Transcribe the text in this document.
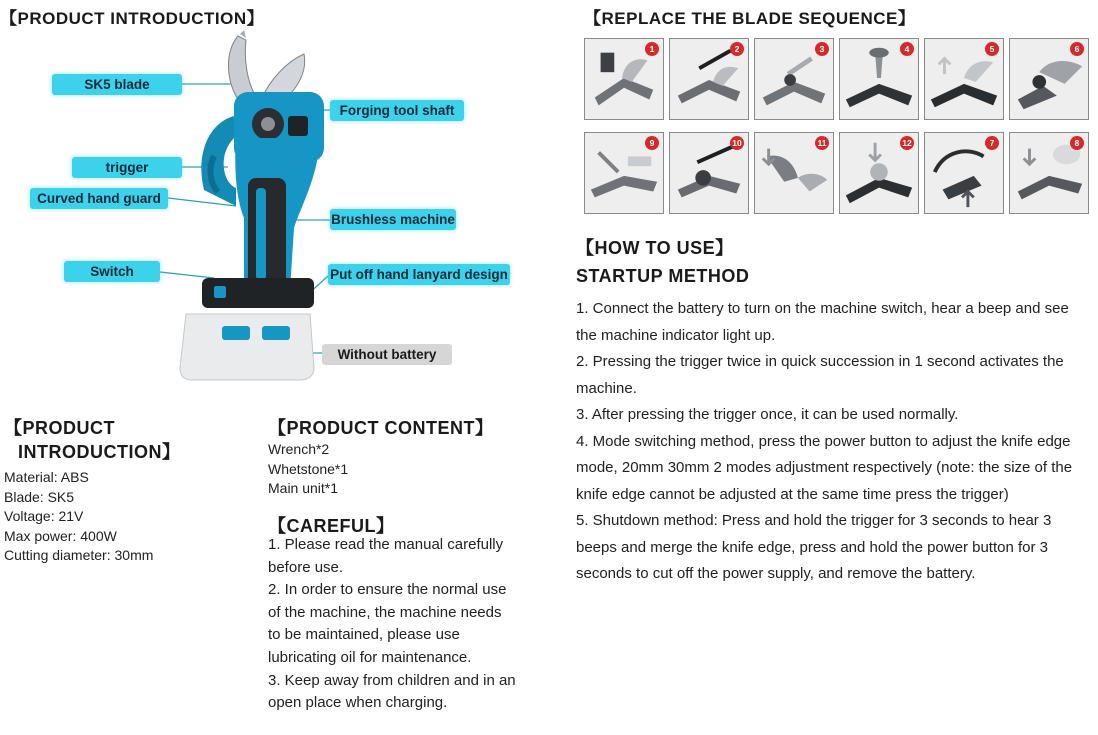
【PRODUCT INTRODUCTION】
SK5 blade
Forging tool shaft
trigger
Curved hand guard
Brushless machine
Switch	Put off hand lanyard design
Without battery
【PRODUCT
INTRODUCTION】
Material: ABS
Blade: SK5
Voltage: 21V
Max power: 400W
Cutting diameter: 30mm
【PRODUCT CONTENT】
Wrench*2
Whetstone*1
Main unit*1
【CAREFUL】

1. Please read the manual carefully before use.

2. In order to ensure the normal use of the machine, the machine needs to be maintained, please use lubricating oil for maintenance.

3. Keep away from children and in an open place when charging.

【REPLACE THE BLADE SEQUENCE】
1	2	3	4	5	6
9	10	11	12	7	8
【HOW TO USE】
STARTUP METHOD

1. Connect the battery to turn on the machine switch, hear a beep and see the machine indicator light up.

2. Pressing the trigger twice in quick succession in 1 second activates the machine.

3. After pressing the trigger once, it can be used normally.

4. Mode switching method, press the power button to adjust the knife edge mode, 20mm 30mm 2 modes adjustment respectively (note: the size of the knife edge cannot be adjusted at the same time press the trigger)

5. Shutdown method: Press and hold the trigger for 3 seconds to hear 3 beeps and merge the knife edge, press and hold the power button for 3 seconds to cut off the power supply, and remove the battery.
